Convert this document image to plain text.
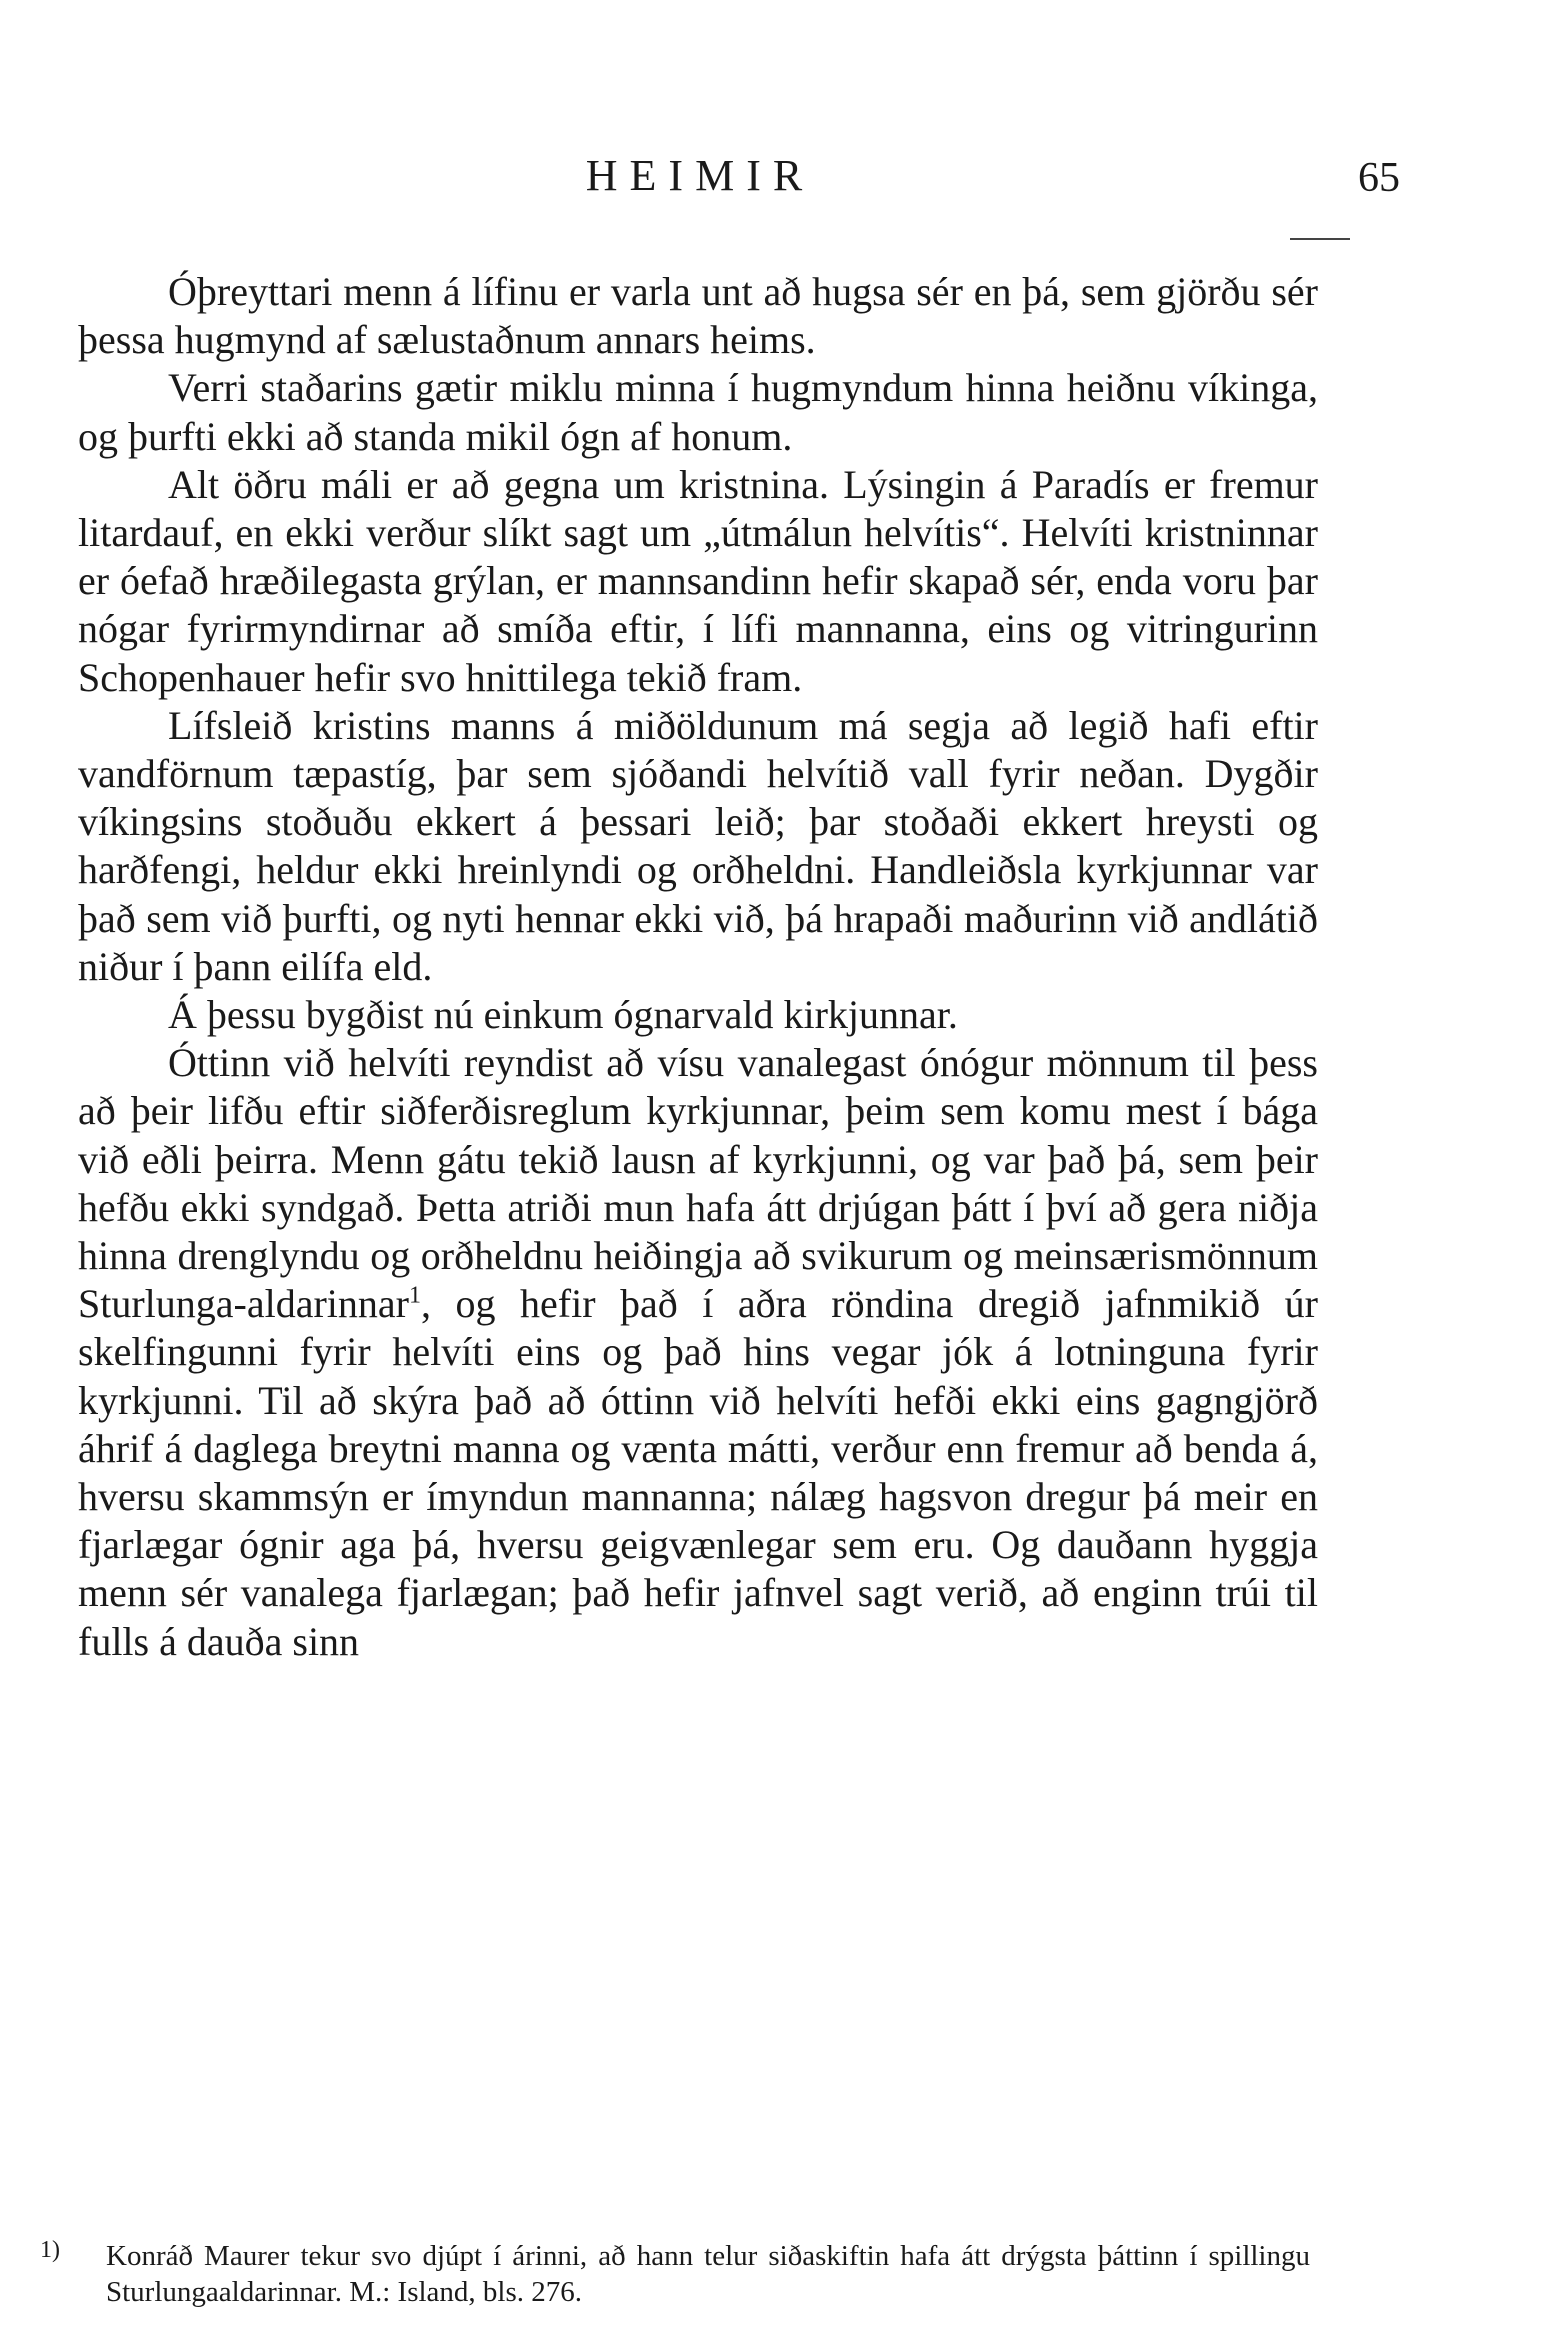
HEIMIR	65

Óþreyttari menn á lífinu er varla unt að hugsa sér en þá, sem gjörðu sér þessa hugmynd af sælustaðnum annars heims.

Verri staðarins gætir miklu minna í hugmyndum hinna heiðnu víkinga, og þurfti ekki að standa mikil ógn af honum.

Alt öðru máli er að gegna um kristnina. Lýsingin á Paradís er fremur litardauf, en ekki verður slíkt sagt um „útmálun helvítis“. Helvíti kristninnar er óefað hræðilegasta grýlan, er mannsandinn hefir skapað sér, enda voru þar nógar fyrirmyndirnar að smíða eftir, í lífi mannanna, eins og vitringurinn Schopenhauer hefir svo hnittilega tekið fram.

Lífsleið kristins manns á miðöldunum má segja að legið hafi eftir vandförnum tæpastíg, þar sem sjóðandi helvítið vall fyrir neðan. Dygðir víkingsins stoðuðu ekkert á þessari leið; þar stoðaði ekkert hreysti og harðfengi, heldur ekki hreinlyndi og orðheldni. Handleiðsla kyrkjunnar var það sem við þurfti, og nyti hennar ekki við, þá hrapaði maðurinn við andlátið niður í þann eilífa eld.

Á þessu bygðist nú einkum ógnarvald kirkjunnar.

Óttinn við helvíti reyndist að vísu vanalegast ónógur mönnum til þess að þeir lifðu eftir siðferðisreglum kyrkjunnar, þeim sem komu mest í bága við eðli þeirra. Menn gátu tekið lausn af kyrkjunni, og var það þá, sem þeir hefðu ekki syndgað. Þetta atriði mun hafa átt drjúgan þátt í því að gera niðja hinna drenglyndu og orðheldnu heiðingja að svikurum og meinsærismönnum Sturlunga-aldarinnar$^1$, og hefir það í aðra röndina dregið jafnmikið úr skelfingunni fyrir helvíti eins og það hins vegar jók á lotninguna fyrir kyrkjunni. Til að skýra það að óttinn við helvíti hefði ekki eins gagngjörð áhrif á daglega breytni manna og vænta mátti, verður enn fremur að benda á, hversu skammsýn er ímyndun mannanna; nálæg hagsvon dregur þá meir en fjarlægar ógnir aga þá, hversu geigvænlegar sem eru. Og dauðann hyggja menn sér vanalega fjarlægan; það hefir jafnvel sagt verið, að enginn trúi til fulls á dauða sinn

1)	Konráð Maurer tekur svo djúpt í árinni, að hann telur siðaskiftin hafa átt drýgsta þáttinn í spillingu Sturlungaaldarinnar. M.: Island, bls. 276.
